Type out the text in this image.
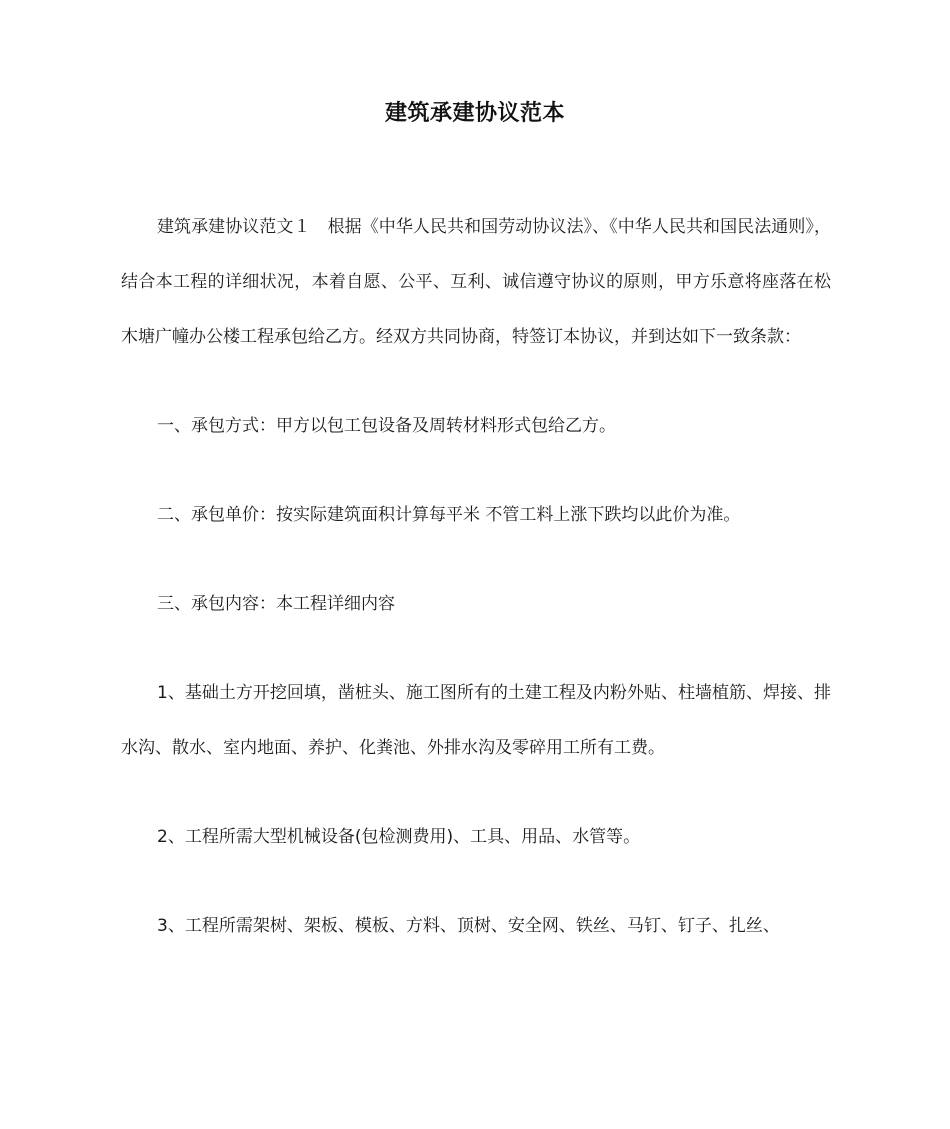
建筑承建协议范本

建筑承建协议范文１　根据《中华人民共和国劳动协议法》、《中华人民共和国民法通则》，结合本工程的详细状况，本着自愿、公平、互利、诚信遵守协议的原则，甲方乐意将座落在松木塘广幢办公楼工程承包给乙方。经双方共同协商，特签订本协议，并到达如下一致条款：

一、承包方式：甲方以包工包设备及周转材料形式包给乙方。

二、承包单价：按实际建筑面积计算每平米 不管工料上涨下跌均以此价为准。

三、承包内容：本工程详细内容

1、基础土方开挖回填，凿桩头、施工图所有的土建工程及内粉外贴、柱墙植筋、焊接、排水沟、散水、室内地面、养护、化粪池、外排水沟及零碎用工所有工费。

2、工程所需大型机械设备(包检测费用)、工具、用品、水管等。

3、工程所需架树、架板、模板、方料、顶树、安全网、铁丝、马钉、钉子、扎丝、
